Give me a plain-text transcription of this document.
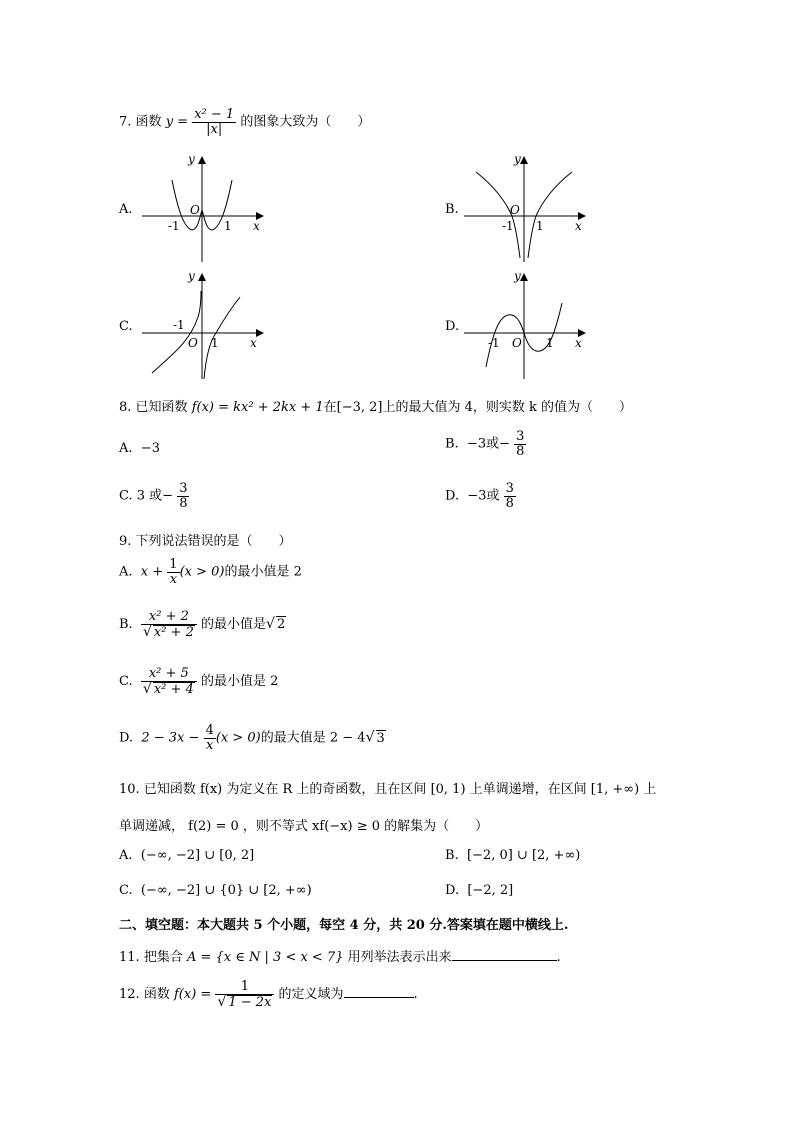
7. 函数 $y = \frac{\text{x² − 1}}{|x|}$ 的图象大致为（　　）
A.
y
x
O
-1	1
B.
y
x
O
-1 1
C.
y
x
O
-1
1
D.
y
x
O
-1	1
8. 已知函数 f(x) = kx² + 2kx + 1在[−3, 2]上的最大值为 4，则实数 k 的值为（　　）
A. −3	B. −3或− $\frac{3}{8}$
C. 3 或− $\frac{3}{8}$	D. −3或 $\frac{3}{8}$
9. 下列说法错误的是（　　）
A. $x + \frac{1}{x} (x > 0)$的最小值是 2
B. $\frac{\text{x² + 2}}{\text{√ x² + 2}}$ 的最小值是√ 2
C. $\frac{\text{x² + 5}}{\text{√ x² + 4}}$ 的最小值是 2
D. $2 - 3x - \frac{4}{x} (x > 0)$的最大值是 2 − 4√ 3
10. 已知函数 f(x) 为定义在 R 上的奇函数，且在区间 [0, 1) 上单调递增，在区间 [1, +∞) 上
单调递减， f(2) = 0 ，则不等式 xf(−x) ≥ 0 的解集为（　　）
A. (−∞, −2] ∪ [0, 2]	B. [−2, 0] ∪ [2, +∞)
C. (−∞, −2] ∪ {0} ∪ [2, +∞)	D. [−2, 2]
二、填空题：本大题共 5 个小题，每空 4 分，共 20 分.答案填在题中横线上.
11. 把集合 A = {x ∈ N | 3 < x < 7} 用列举法表示出来	.
12. 函数 $f(x) = \frac{1}{√ 1 - 2x}$ 的定义域为	.
